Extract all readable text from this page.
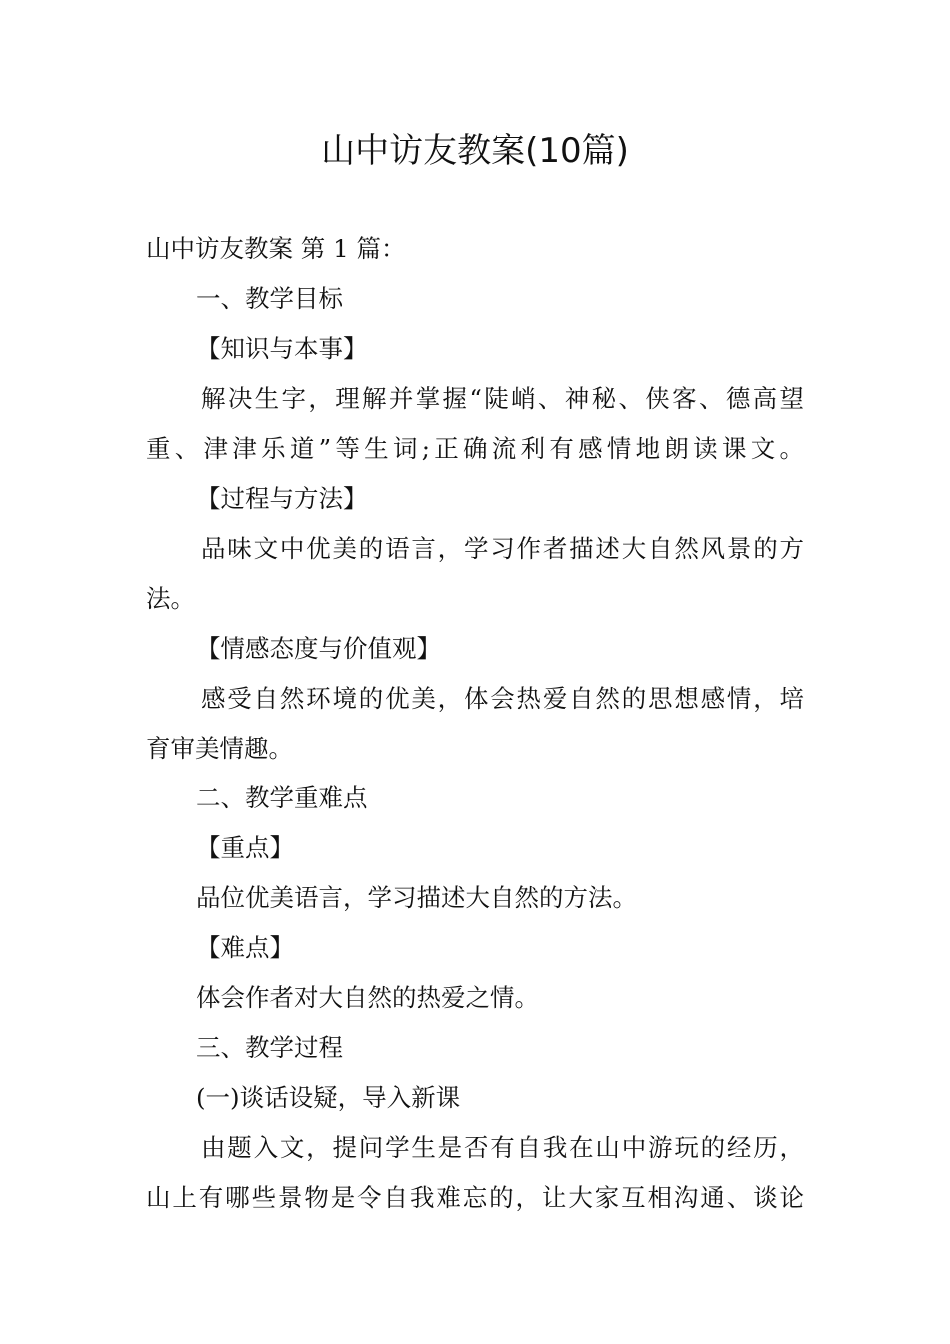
山中访友教案(10篇)
山中访友教案 第 1 篇：
一、教学目标
【知识与本事】
解决生字，理解并掌握“陡峭、神秘、侠客、德高望
重、津津乐道”等生词;正确流利有感情地朗读课文。
【过程与方法】
品味文中优美的语言，学习作者描述大自然风景的方
法。
【情感态度与价值观】
感受自然环境的优美，体会热爱自然的思想感情，培
育审美情趣。
二、教学重难点
【重点】
品位优美语言，学习描述大自然的方法。
【难点】
体会作者对大自然的热爱之情。
三、教学过程
(一)谈话设疑，导入新课
由题入文，提问学生是否有自我在山中游玩的经历，
山上有哪些景物是令自我难忘的，让大家互相沟通、谈论
